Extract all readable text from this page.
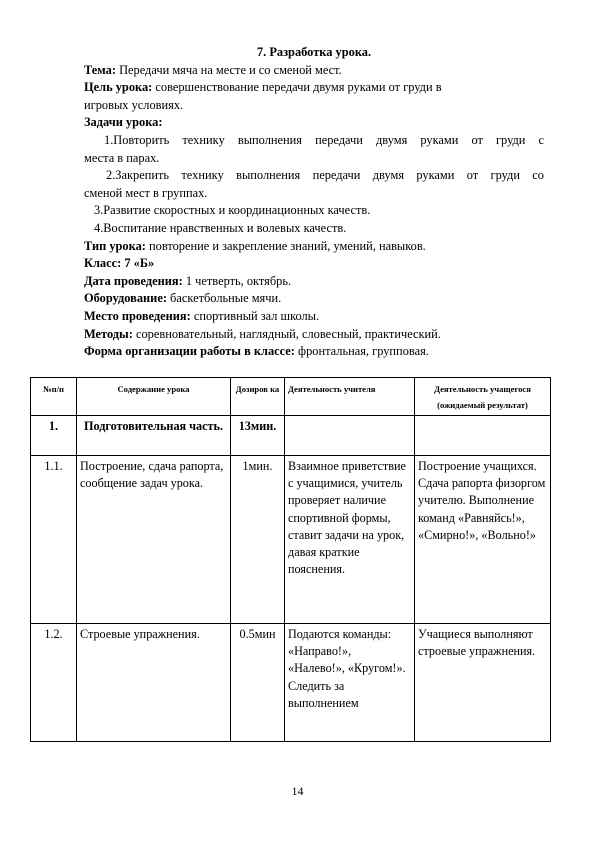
7. Разработка урока.

Тема: Передачи мяча на месте и со сменой мест.

Цель урока: совершенствование передачи двумя руками от груди в

игровых условиях.

Задачи урока:

1.Повторить техникy выполнения передачи двумя руками от груди с

места в парах.

2.Закрепить техникy выполнения передачи двумя руками от груди со

сменой мест в группах.

3.Развитие скоростных и координационных качеств.

4.Воспитание нравственных и волевых качеств.

Тип урока: повторение и закрепление знаний, умений, навыков.

Класс: 7 «Б»

Дата проведения: 1 четверть, октябрь.

Оборудование: баскетбольные мячи.

Место проведения: спортивный зал школы.

Методы: соревновательный, наглядный, словесный, практический.

Форма организации работы в классе: фронтальная, групповая.

№п/п	Содержание урока	Дозиров ка	Деятельность учителя	Деятельность учащегося (ожидаемый результат)
1.	Подготовительная часть.	13мин.		
1.1.	Построение, сдача рапорта, сообщение задач урока.	1мин.	Взаимное приветствие с учащимися, учитель проверяет наличие спортивной формы, ставит задачи на урок, давая краткие пояснения.	Построение учащихся. Сдача рапорта физоргом учителю. Выполнение команд «Равняйсь!», «Смирно!», «Вольно!»
1.2.	Строевые упражнения.	0.5мин	Подаются команды: «Направо!», «Налево!», «Кругом!». Следить за выполнением	Учащиеся выполняют строевые упражнения.
14
